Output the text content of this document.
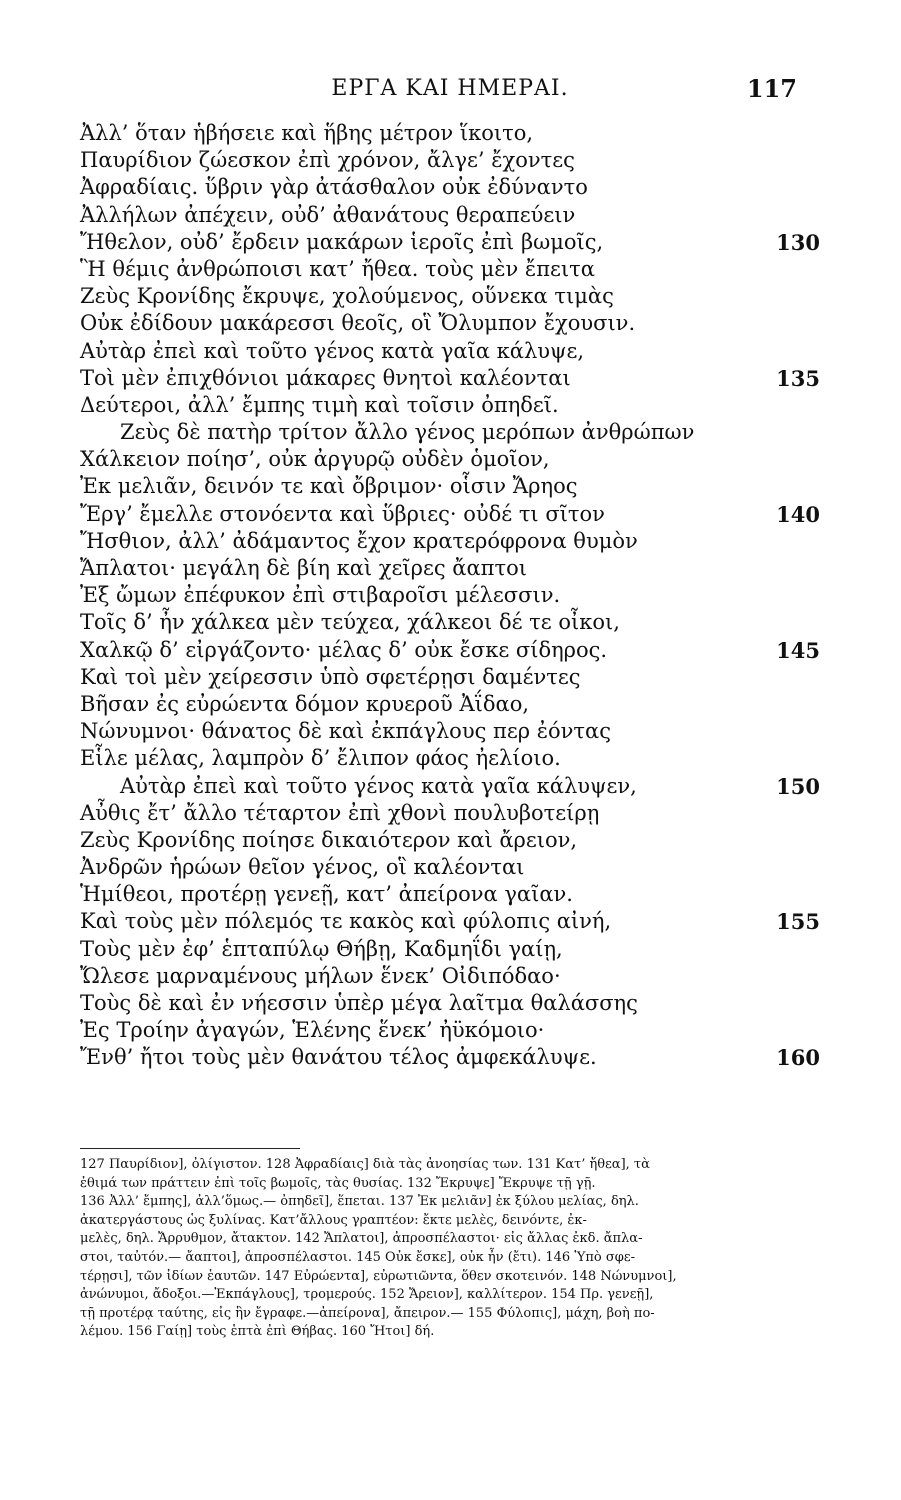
ΕΡΓΑ ΚΑΙ ΗΜΕΡΑΙ.	117
Ἀλλ’ ὅταν ἡβήσειε καὶ ἥβης μέτρον ἵκοιτο,
Παυρίδιον ζώεσκον ἐπὶ χρόνον, ἄλγε’ ἔχοντες
Ἀφραδίαις. ὕβριν γὰρ ἀτάσθαλον οὐκ ἐδύναντο
Ἀλλήλων ἀπέχειν, οὐδ’ ἀθανάτους θεραπεύειν
Ἤθελον, οὐδ’ ἔρδειν μακάρων ἱεροῖς ἐπὶ βωμοῖς,	130
Ἣ θέμις ἀνθρώποισι κατ’ ἤθεα. τοὺς μὲν ἔπειτα
Ζεὺς Κρονίδης ἔκρυψε, χολούμενος, οὕνεκα τιμὰς
Οὐκ ἐδίδουν μακάρεσσι θεοῖς, οἳ Ὄλυμπον ἔχουσιν.
Αὐτὰρ ἐπεὶ καὶ τοῦτο γένος κατὰ γαῖα κάλυψε,
Τοὶ μὲν ἐπιχθόνιοι μάκαρες θνητοὶ καλέονται	135
Δεύτεροι, ἀλλ’ ἔμπης τιμὴ καὶ τοῖσιν ὀπηδεῖ.
Ζεὺς δὲ πατὴρ τρίτον ἄλλο γένος μερόπων ἀνθρώπων
Χάλκειον ποίησ’, οὐκ ἀργυρῷ οὐδὲν ὁμοῖον,
Ἐκ μελιᾶν, δεινόν τε καὶ ὄβριμον· οἷσιν Ἄρηος
Ἔργ’ ἔμελλε στονόεντα καὶ ὕβριες· οὐδέ τι σῖτον	140
Ἤσθιον, ἀλλ’ ἀδάμαντος ἔχον κρατερόφρονα θυμὸν
Ἄπλατοι· μεγάλη δὲ βίη καὶ χεῖρες ἄαπτοι
Ἐξ ὤμων ἐπέφυκον ἐπὶ στιβαροῖσι μέλεσσιν.
Τοῖς δ’ ἦν χάλκεα μὲν τεύχεα, χάλκεοι δέ τε οἶκοι,
Χαλκῷ δ’ εἰργάζοντο· μέλας δ’ οὐκ ἔσκε σίδηρος.	145
Καὶ τοὶ μὲν χείρεσσιν ὑπὸ σφετέρῃσι δαμέντες
Βῆσαν ἐς εὐρώεντα δόμον κρυεροῦ Ἀΐδαο,
Νώνυμνοι· θάνατος δὲ καὶ ἐκπάγλους περ ἐόντας
Εἷλε μέλας, λαμπρὸν δ’ ἔλιπον φάος ἠελίοιο.
Αὐτὰρ ἐπεὶ καὶ τοῦτο γένος κατὰ γαῖα κάλυψεν,	150
Αὖθις ἔτ’ ἄλλο τέταρτον ἐπὶ χθονὶ πουλυβοτείρῃ
Ζεὺς Κρονίδης ποίησε δικαιότερον καὶ ἄρειον,
Ἀνδρῶν ἡρώων θεῖον γένος, οἳ καλέονται
Ἡμίθεοι, προτέρῃ γενεῇ, κατ’ ἀπείρονα γαῖαν.
Καὶ τοὺς μὲν πόλεμός τε κακὸς καὶ φύλοπις αἰνή,	155
Τοὺς μὲν ἐφ’ ἑπταπύλῳ Θήβῃ, Καδμηΐδι γαίῃ,
Ὤλεσε μαρναμένους μήλων ἕνεκ’ Οἰδιπόδαο·
Τοὺς δὲ καὶ ἐν νήεσσιν ὑπὲρ μέγα λαῖτμα θαλάσσης
Ἐς Τροίην ἀγαγών, Ἑλένης ἕνεκ’ ἠϋκόμοιο·
Ἔνθ’ ἤτοι τοὺς μὲν θανάτου τέλος ἀμφεκάλυψε.	160
127 Παυρίδιον], ὀλίγιστον. 128 Ἀφραδίαις] διὰ τὰς ἀνοησίας των. 131 Κατ’ ἤθεα], τὰ
ἐθιμά των πράττειν ἐπὶ τοῖς βωμοῖς, τὰς θυσίας. 132 Ἔκρυψε] Ἔκρυψε τῇ γῇ.
136 Ἀλλ’ ἔμπης], ἀλλ’ὅμως.— ὀπηδεῖ], ἕπεται. 137 Ἐκ μελιᾶν] ἐκ ξύλου μελίας, δηλ.
ἀκατεργάστους ὡς ξυλίνας. Κατ’ἄλλους γραπτέον: ἔκτε μελὲς, δεινόντε, ἐκ-
μελὲς, δηλ. Ἄρρυθμον, ἄτακτον. 142 Ἄπλατοι], ἀπροσπέλαστοι· εἰς ἄλλας ἐκδ. ἄπλα-
στοι, ταὐτόν.— ἄαπτοι], ἀπροσπέλαστοι. 145 Οὐκ ἔσκε], οὐκ ἦν (ἔτι). 146 Ὑπὸ σφε-
τέρῃσι], τῶν ἰδίων ἑαυτῶν. 147 Εὐρώεντα], εὐρωτιῶντα, ὅθεν σκοτεινόν. 148 Νώνυμνοι],
ἀνώνυμοι, ἄδοξοι.—Ἐκπάγλους], τρομερούς. 152 Ἄρειον], καλλίτερον. 154 Πρ. γενεῇ],
τῇ προτέρᾳ ταύτης, εἰς ἣν ἔγραφε.—ἀπείρονα], ἄπειρον.— 155 Φύλοπις], μάχη, βοὴ πο-
λέμου. 156 Γαίῃ] τοὺς ἑπτὰ ἐπὶ Θήβας. 160 Ἤτοι] δή.
